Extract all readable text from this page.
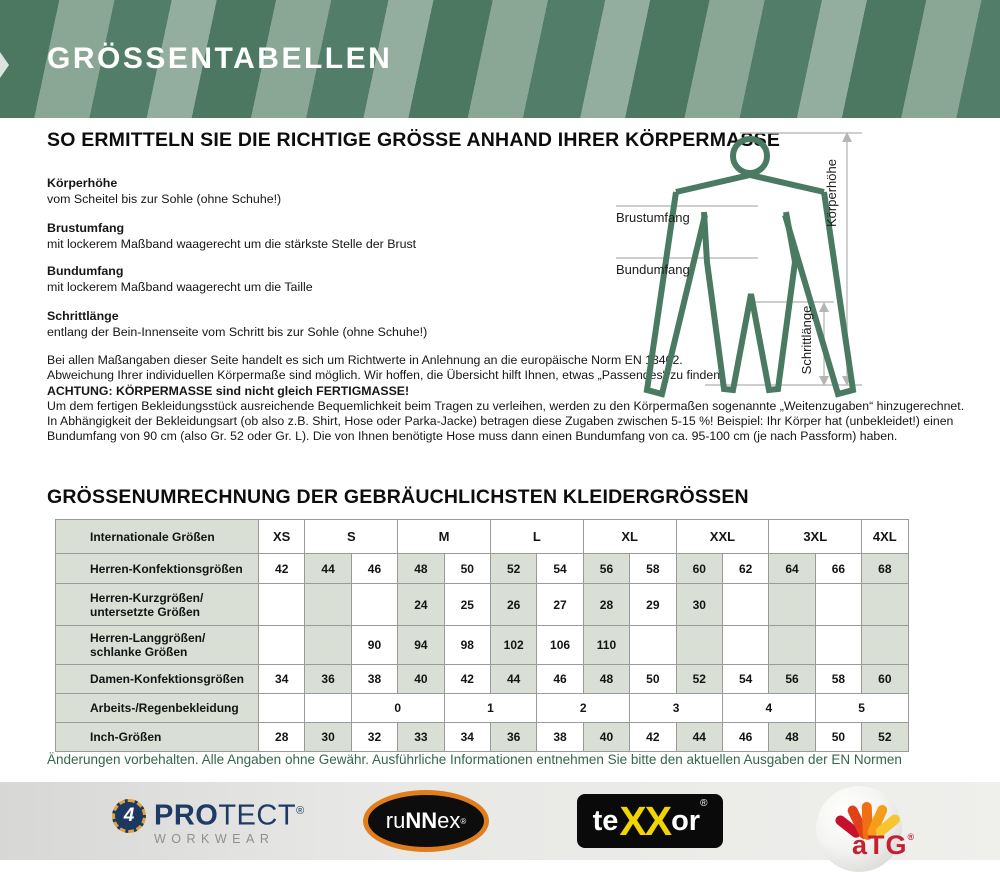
GRÖSSENTABELLEN
SO ERMITTELN SIE DIE RICHTIGE GRÖSSE ANHAND IHRER KÖRPERMASSE
Körperhöhe
vom Scheitel bis zur Sohle (ohne Schuhe!)
Brustumfang
mit lockerem Maßband waagerecht um die stärkste Stelle der Brust
Bundumfang
mit lockerem Maßband waagerecht um die Taille
Schrittlänge
entlang der Bein-Innenseite vom Schritt bis zur Sohle (ohne Schuhe!)
Bei allen Maßangaben dieser Seite handelt es sich um Richtwerte in Anlehnung an die europäische Norm EN 13402.
Abweichung Ihrer individuellen Körpermaße sind möglich. Wir hoffen, die Übersicht hilft Ihnen, etwas „Passendes“ zu finden.
ACHTUNG: KÖRPERMASSE sind nicht gleich FERTIGMASSE!
Um dem fertigen Bekleidungsstück ausreichende Bequemlichkeit beim Tragen zu verleihen, werden zu den Körpermaßen sogenannte „Weitenzugaben“ hinzugerechnet.
In Abhängigkeit der Bekleidungsart (ob also z.B. Shirt, Hose oder Parka-Jacke) betragen diese Zugaben zwischen 5-15 %! Beispiel: Ihr Körper hat (unbekleidet!) einen
Bundumfang von 90 cm (also Gr. 52 oder Gr. L). Die von Ihnen benötigte Hose muss dann einen Bundumfang von ca. 95-100 cm (je nach Passform) haben.
Brustumfang
Bundumfang
Körperhöhe
Schrittlänge
GRÖSSENUMRECHNUNG DER GEBRÄUCHLICHSTEN KLEIDERGRÖSSEN
Internationale Größen	XS	S		M		L		XL		XXL		3XL		4XL
Herren-Konfektionsgrößen	42	44	46	48	50	52	54	56	58	60	62	64	66	68
Herren-Kurzgrößen/
untersetzte Größen				24	25	26	27	28	29	30				
Herren-Langgrößen/
schlanke Größen			90	94	98	102	106	110						
Damen-Konfektionsgrößen	34	36	38	40	42	44	46	48	50	52	54	56	58	60
Arbeits-/Regenbekleidung			0		1		2		3		4		5	
Inch-Größen	28	30	32	33	34	36	38	40	42	44	46	48	50	52
Änderungen vorbehalten. Alle Angaben ohne Gewähr. Ausführliche Informationen entnehmen Sie bitte den aktuellen Ausgaben der EN Normen
4 PROTECT®
WORKWEAR
ru NN ex ®	te XX or
®
aTG®
